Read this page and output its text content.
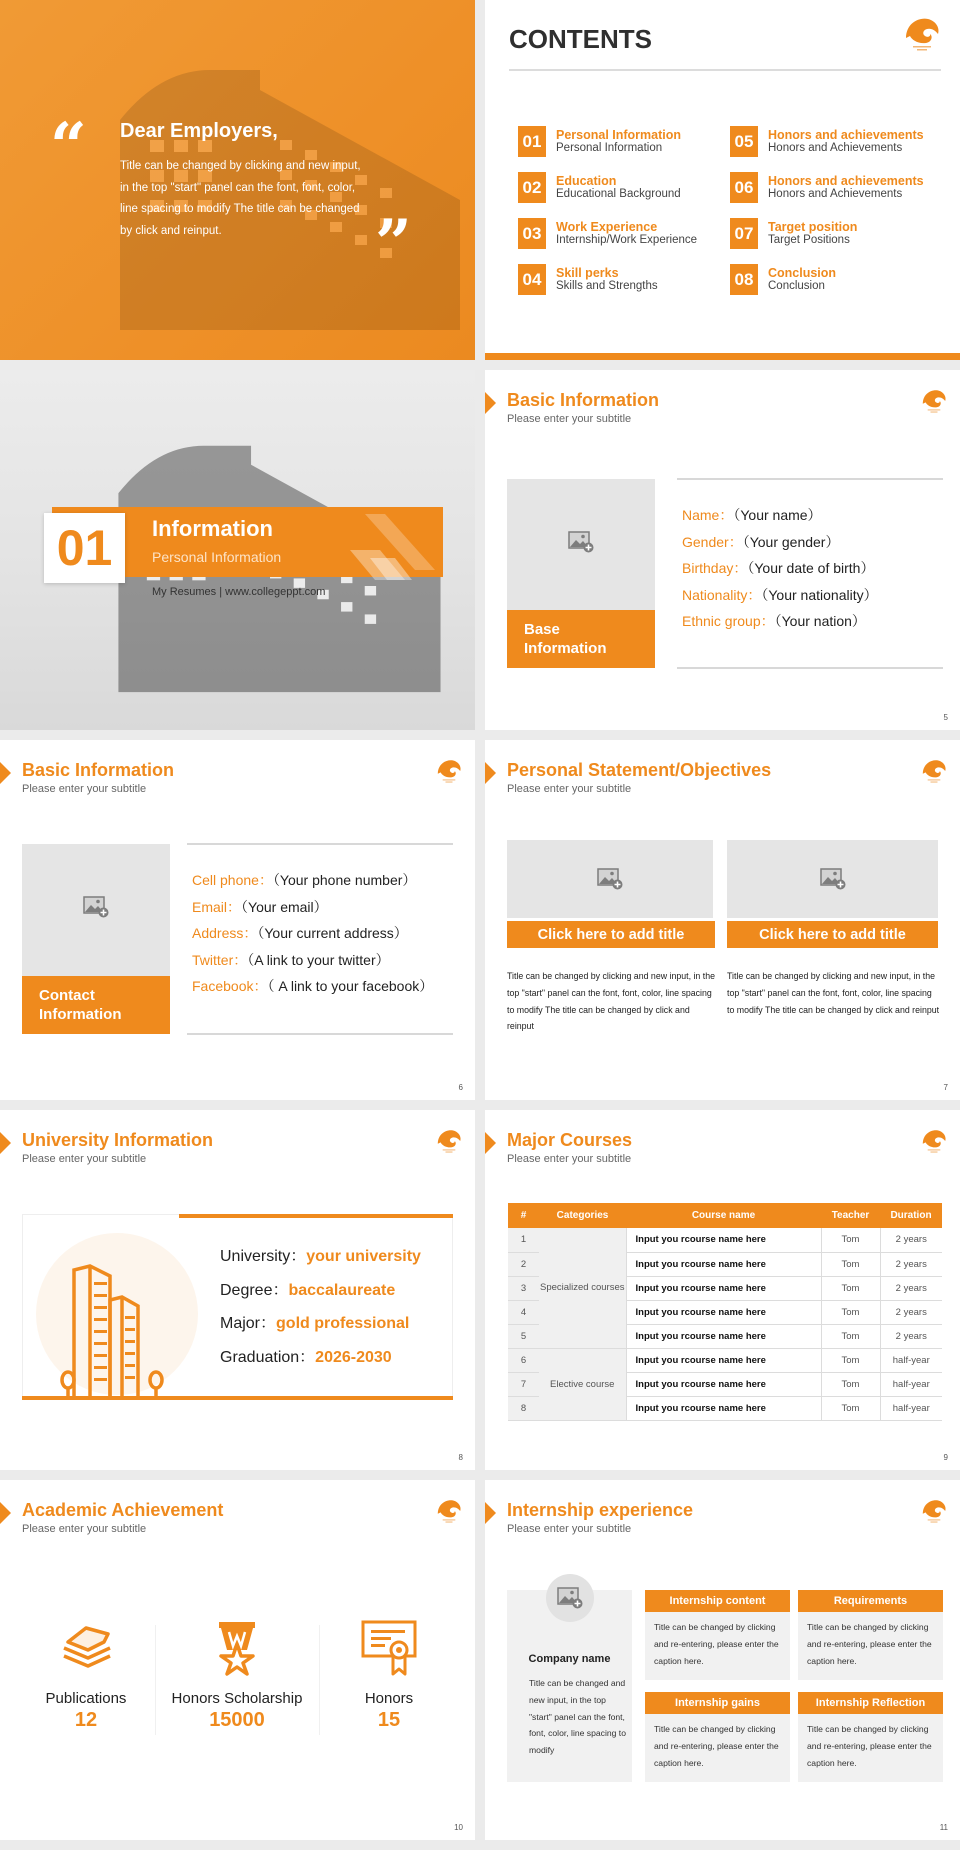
“ Dear Employers,
Title can be changed by clicking and new input, in the top "start" panel can the font, font, color, line spacing to modify The title can be changed by click and reinput.	”
CONTENTS
01	Personal Information
Personal Information
02	Education
Educational Background
03	Work Experience
Internship/Work Experience
04	Skill perks
Skills and Strengths
05	Honors and achievements
Honors and Achievements
06	Honors and achievements
Honors and Achievements
07	Target position
Target Positions
08	Conclusion
Conclusion
01	Information
Personal Information
My Resumes | www.collegeppt.com
Basic Information
Please enter your subtitle
Base Information
Name：（Your name）
Gender：（Your gender）
Birthday：（Your date of birth）
Nationality：（Your nationality）
Ethnic group：（Your nation）
5
Basic Information
Please enter your subtitle
Contact Information
Cell phone：（Your phone number）
Email：（Your email）
Address：（Your current address）
Twitter：（A link to your twitter）
Facebook：（ A link to your facebook）
6
Personal Statement/Objectives
Please enter your subtitle
Click here to add title
Title can be changed by clicking and new input, in the top "start" panel can the font, font, color, line spacing to modify The title can be changed by click and reinput
Click here to add title
Title can be changed by clicking and new input, in the top "start" panel can the font, font, color, line spacing to modify The title can be changed by click and reinput
7
University Information
Please enter your subtitle
University：your university
Degree：baccalaureate
Major：gold professional
Graduation：2026-2030
8
Major Courses
Please enter your subtitle
#	Categories	Course name	Teacher	Duration
1	Specialized courses	Input you rcourse name here	Tom	2 years
2		Input you rcourse name here	Tom	2 years
3		Input you rcourse name here	Tom	2 years
4		Input you rcourse name here	Tom	2 years
5		Input you rcourse name here	Tom	2 years
6	Elective course	Input you rcourse name here	Tom	half-year
7		Input you rcourse name here	Tom	half-year
8		Input you rcourse name here	Tom	half-year
9
Academic Achievement
Please enter your subtitle
Publications
12
Honors Scholarship
15000
Honors
15
10
Internship experience
Please enter your subtitle
Company name
Title can be changed and new input, in the top "start" panel can the font, font, color, line spacing to modify
Internship content
Title can be changed by clicking and re-entering, please enter the caption here.
Requirements
Title can be changed by clicking and re-entering, please enter the caption here.
Internship gains
Title can be changed by clicking and re-entering, please enter the caption here.
Internship Reflection
Title can be changed by clicking and re-entering, please enter the caption here.
11
